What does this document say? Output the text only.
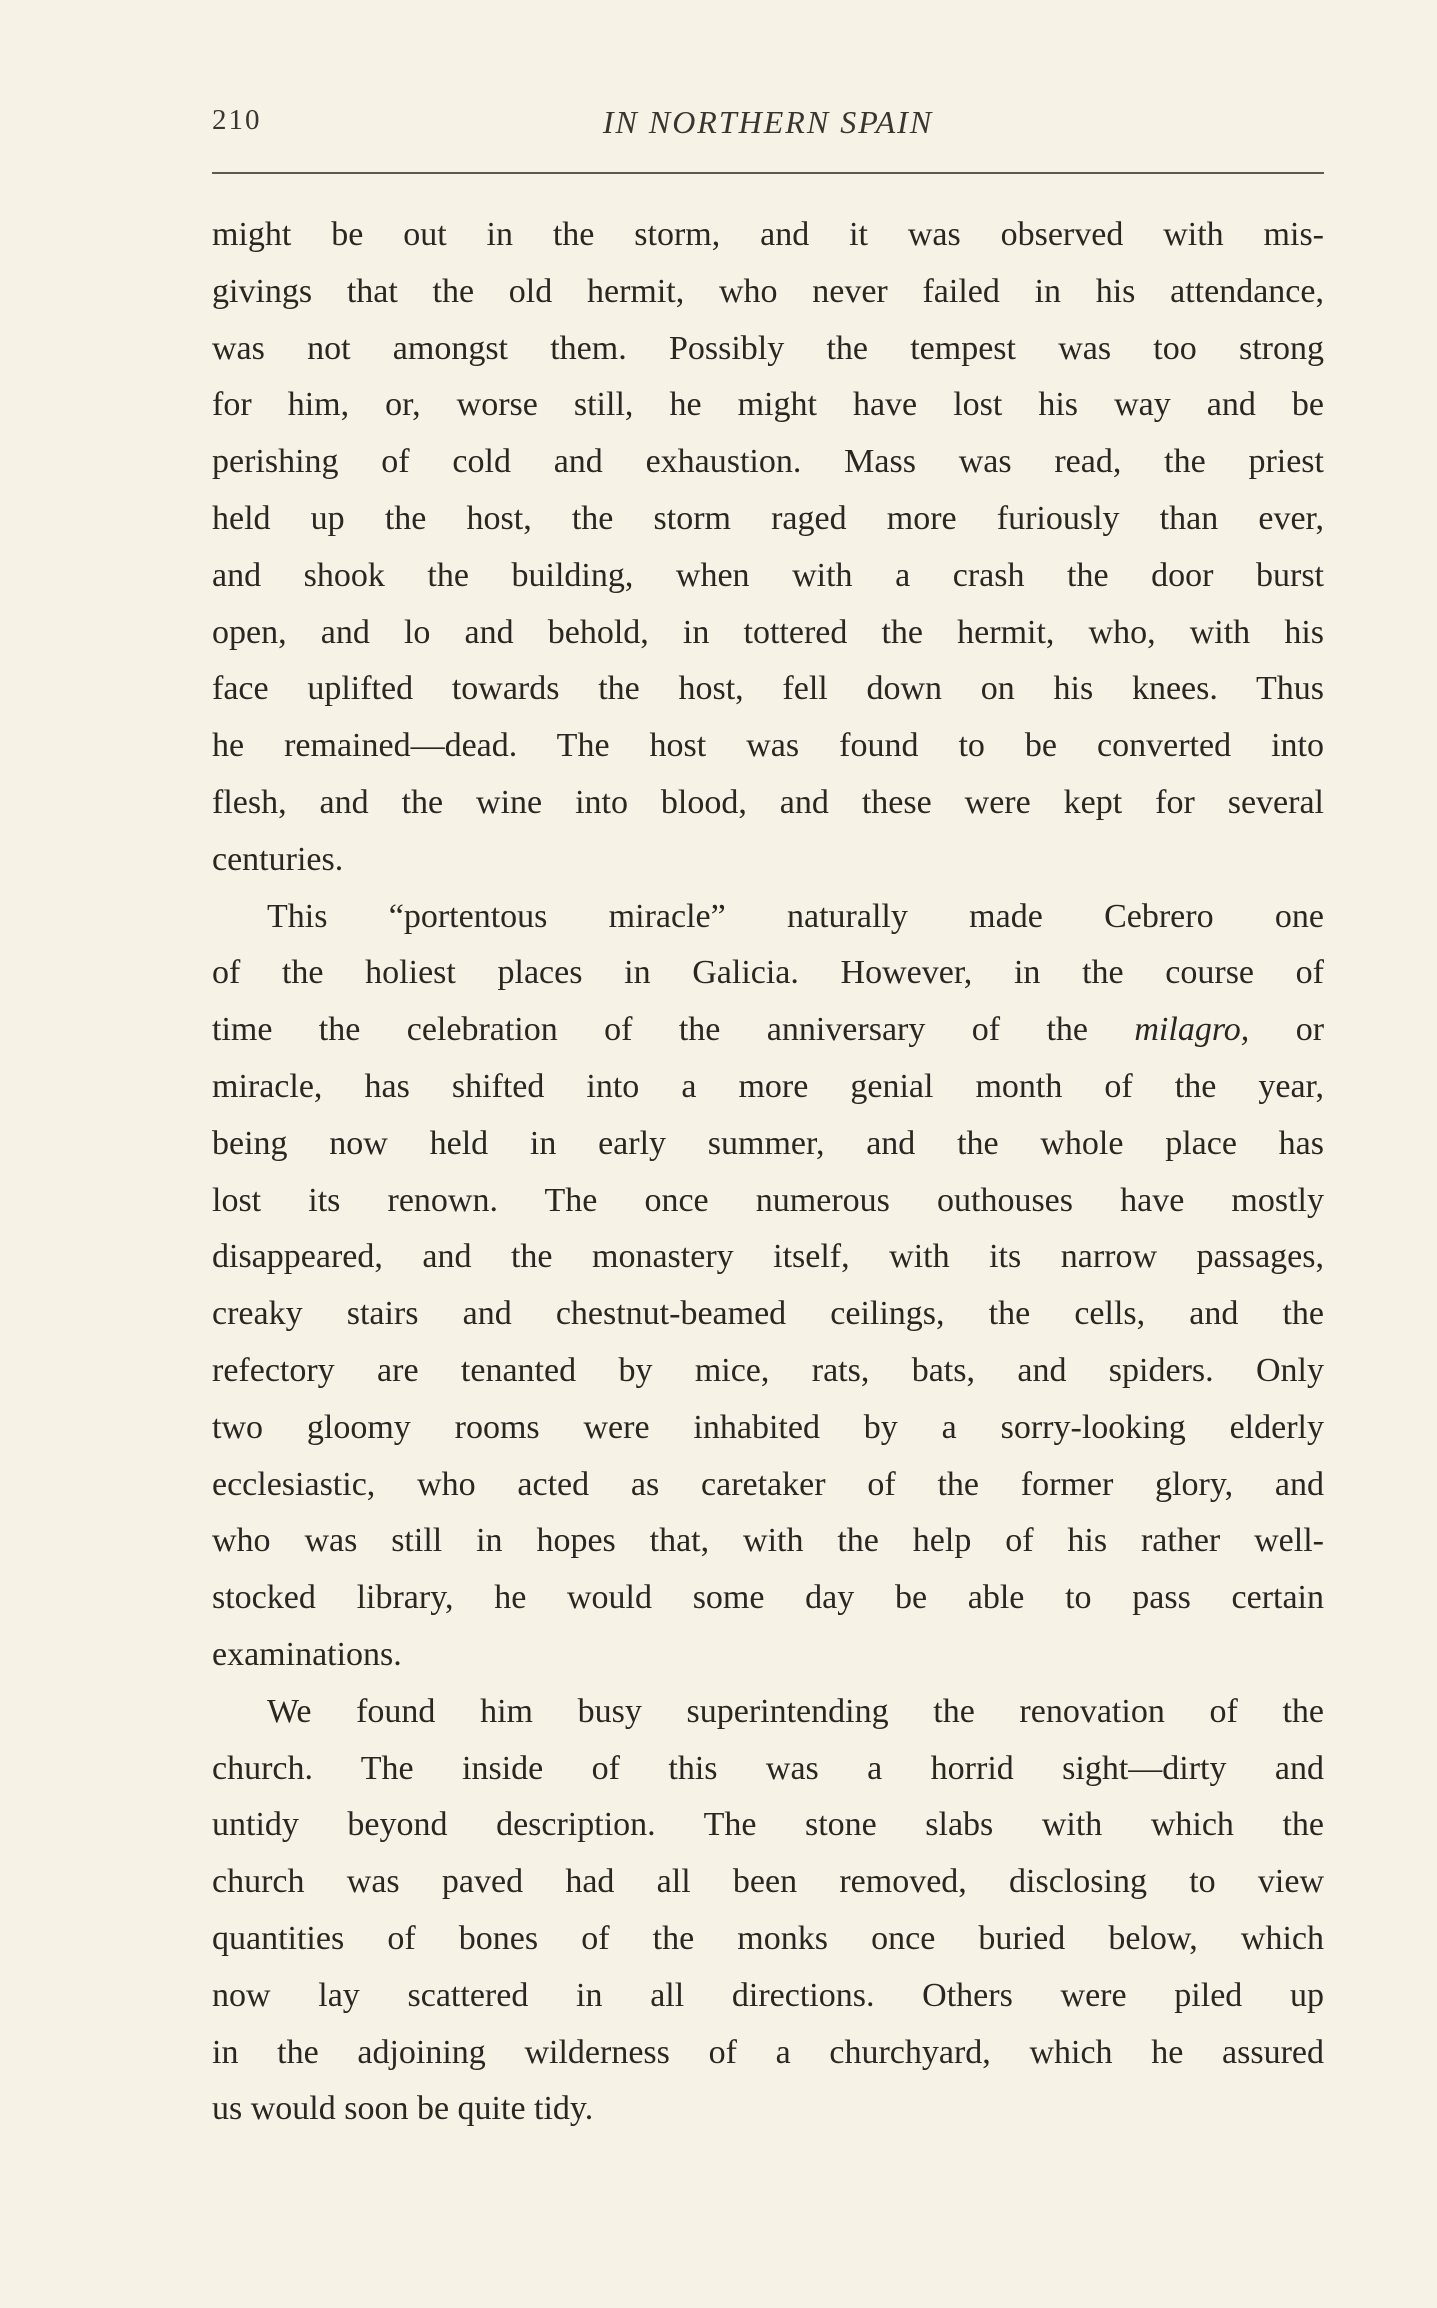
210	IN NORTHERN SPAIN
might be out in the storm, and it was observed with mis-
givings that the old hermit, who never failed in his attendance,
was not amongst them. Possibly the tempest was too strong
for him, or, worse still, he might have lost his way and be
perishing of cold and exhaustion. Mass was read, the priest
held up the host, the storm raged more furiously than ever,
and shook the building, when with a crash the door burst
open, and lo and behold, in tottered the hermit, who, with his
face uplifted towards the host, fell down on his knees. Thus
he remained—dead. The host was found to be converted into
flesh, and the wine into blood, and these were kept for several
centuries.
This “portentous miracle” naturally made Cebrero one
of the holiest places in Galicia. However, in the course of
time the celebration of the anniversary of the milagro, or
miracle, has shifted into a more genial month of the year,
being now held in early summer, and the whole place has
lost its renown. The once numerous outhouses have mostly
disappeared, and the monastery itself, with its narrow passages,
creaky stairs and chestnut-beamed ceilings, the cells, and the
refectory are tenanted by mice, rats, bats, and spiders. Only
two gloomy rooms were inhabited by a sorry-looking elderly
ecclesiastic, who acted as caretaker of the former glory, and
who was still in hopes that, with the help of his rather well-
stocked library, he would some day be able to pass certain
examinations.
We found him busy superintending the renovation of the
church. The inside of this was a horrid sight—dirty and
untidy beyond description. The stone slabs with which the
church was paved had all been removed, disclosing to view
quantities of bones of the monks once buried below, which
now lay scattered in all directions. Others were piled up
in the adjoining wilderness of a churchyard, which he assured
us would soon be quite tidy.
